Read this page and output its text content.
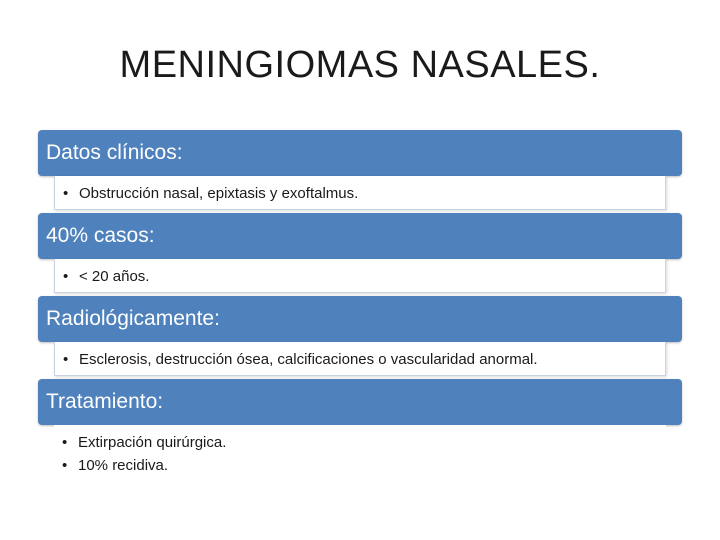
MENINGIOMAS NASALES.
Datos clínicos:
• Obstrucción nasal, epixtasis y exoftalmus.
40% casos:
• < 20 años.
Radiológicamente:
• Esclerosis, destrucción ósea, calcificaciones o vascularidad anormal.
Tratamiento:
• Extirpación quirúrgica.
• 10% recidiva.
